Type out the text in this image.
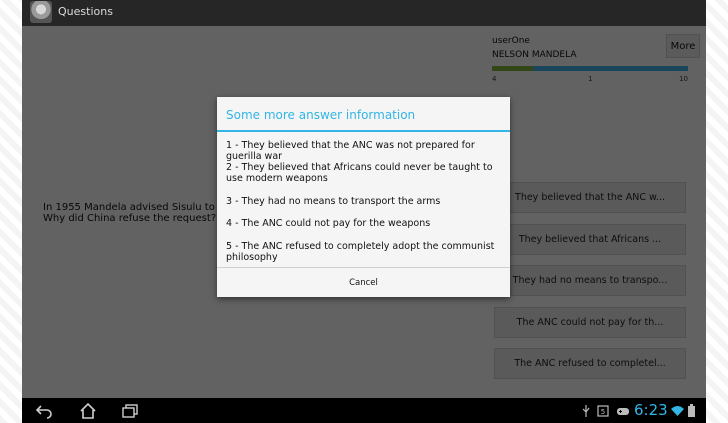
Questions
Some more answer information
1 - They believed that the ANC was not prepared for guerilla war
2 - They believed that Africans could never be taught to use modern weapons
3 - They had no means to transport the arms
4 - The ANC could not pay for the weapons
5 - The ANC refused to completely adopt the communist philosophy
Cancel
5 6:23
